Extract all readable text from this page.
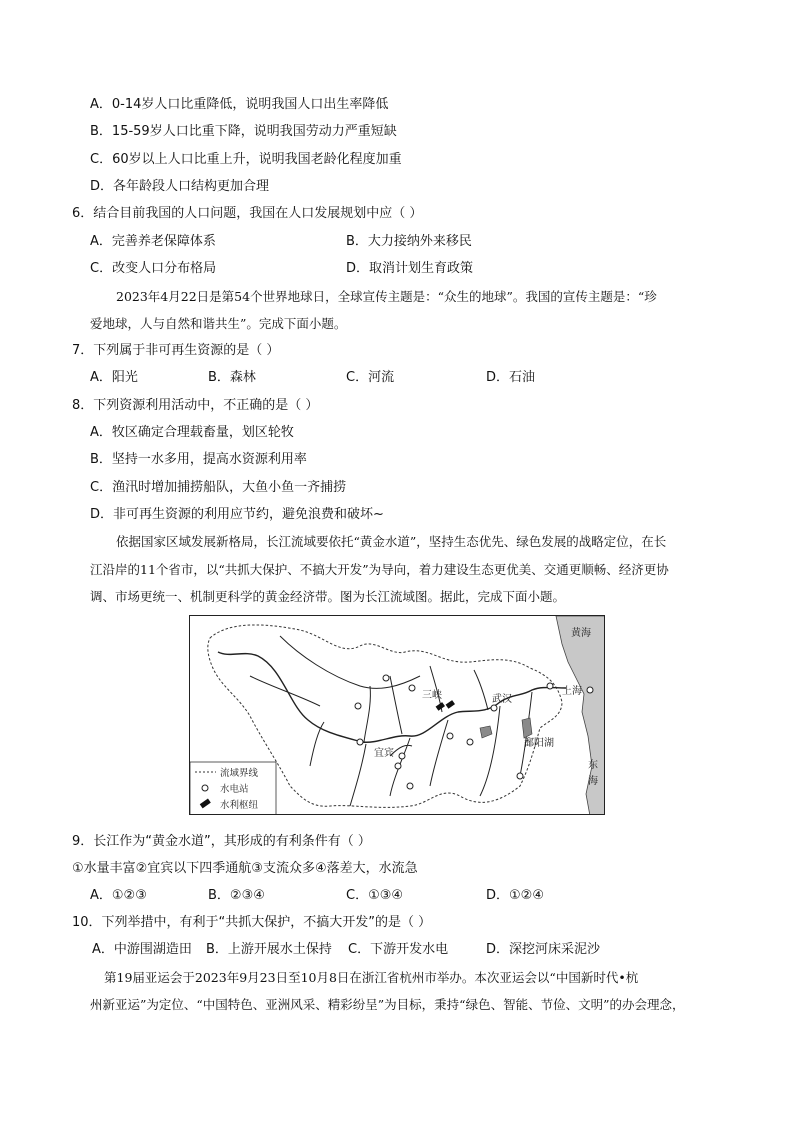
A．0-14岁人口比重降低，说明我国人口出生率降低
B．15-59岁人口比重下降，说明我国劳动力严重短缺
C．60岁以上人口比重上升，说明我国老龄化程度加重
D．各年龄段人口结构更加合理
6．结合目前我国的人口问题，我国在人口发展规划中应（ ）
A．完善养老保障体系	B．大力接纳外来移民
C．改变人口分布格局	D．取消计划生育政策
2023年4月22日是第54个世界地球日，全球宣传主题是：“众生的地球”。我国的宣传主题是：“珍
爱地球，人与自然和谐共生”。完成下面小题。
7．下列属于非可再生资源的是（ ）
A．阳光	B．森林	C．河流	D．石油
8．下列资源利用活动中，不正确的是（ ）
A．牧区确定合理载畜量，划区轮牧
B．坚持一水多用，提高水资源利用率
C．渔汛时增加捕捞船队，大鱼小鱼一齐捕捞
D．非可再生资源的利用应节约，避免浪费和破坏~
依据国家区域发展新格局，长江流域要依托“黄金水道”，坚持生态优先、绿色发展的战略定位，在长
江沿岸的11个省市，以“共抓大保护、不搞大开发”为导向，着力建设生态更优美、交通更顺畅、经济更协
调、市场更统一、机制更科学的黄金经济带。图为长江流域图。据此，完成下面小题。
黄海
东
海
上海
武汉
三峡
宜宾
鄱阳湖
流域界线
水电站
水利枢纽
9．长江作为“黄金水道”，其形成的有利条件有（ ）
①水量丰富②宜宾以下四季通航③支流众多④落差大，水流急
A．①②③	B．②③④	C．①③④	D．①②④
10．下列举措中，有利于“共抓大保护，不搞大开发”的是（ ）
A．中游围湖造田 B．上游开展水土保持 C．下游开发水电	D．深挖河床采泥沙
第19届亚运会于2023年9月23日至10月8日在浙江省杭州市举办。本次亚运会以“中国新时代•杭
州新亚运”为定位、“中国特色、亚洲风采、精彩纷呈”为目标，秉持“绿色、智能、节俭、文明”的办会理念，
